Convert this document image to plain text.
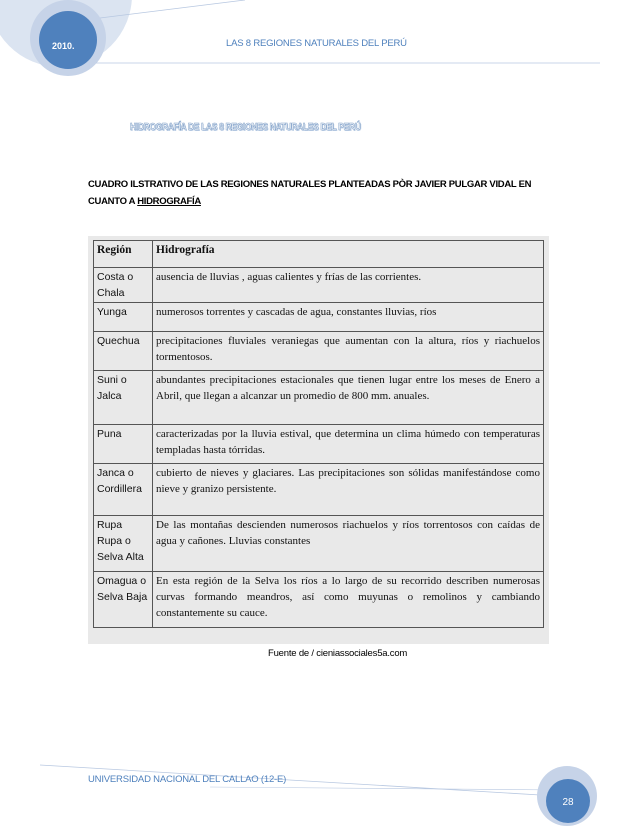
2010.	LAS 8 REGIONES NATURALES DEL PERÚ
HIDROGRAFÍA DE LAS 8 REGIONES NATURALES DEL PERÚ
CUADRO ILSTRATIVO DE LAS REGIONES NATURALES PLANTEADAS PÒR JAVIER PULGAR VIDAL EN CUANTO A HIDROGRAFÍA
Región	Hidrografía
Costa o Chala	ausencia de lluvias , aguas calientes y frías de las corrientes.
Yunga	numerosos torrentes y cascadas de agua, constantes lluvias, ríos
Quechua	precipitaciones fluviales veraniegas que aumentan con la altura, ríos y riachuelos tormentosos.
Suni o Jalca	abundantes precipitaciones estacionales que tienen lugar entre los meses de Enero a Abril, que llegan a alcanzar un promedio de 800 mm. anuales.
Puna	caracterizadas por la lluvia estival, que determina un clima húmedo con temperaturas templadas hasta tórridas.
Janca o Cordillera	cubierto de nieves y glaciares. Las precipitaciones son sólidas manifestándose como nieve y granizo persistente.
Rupa Rupa o Selva Alta	De las montañas descienden numerosos riachuelos y ríos torrentosos con caídas de agua y cañones. Lluvias constantes
Omagua o Selva Baja	En esta región de la Selva los ríos a lo largo de su recorrido describen numerosas curvas formando meandros, así como muyunas o remolinos y cambiando constantemente su cauce.
Fuente de / cieniassociales5a.com
UNIVERSIDAD NACIONAL DEL CALLAO (12-E)
28
